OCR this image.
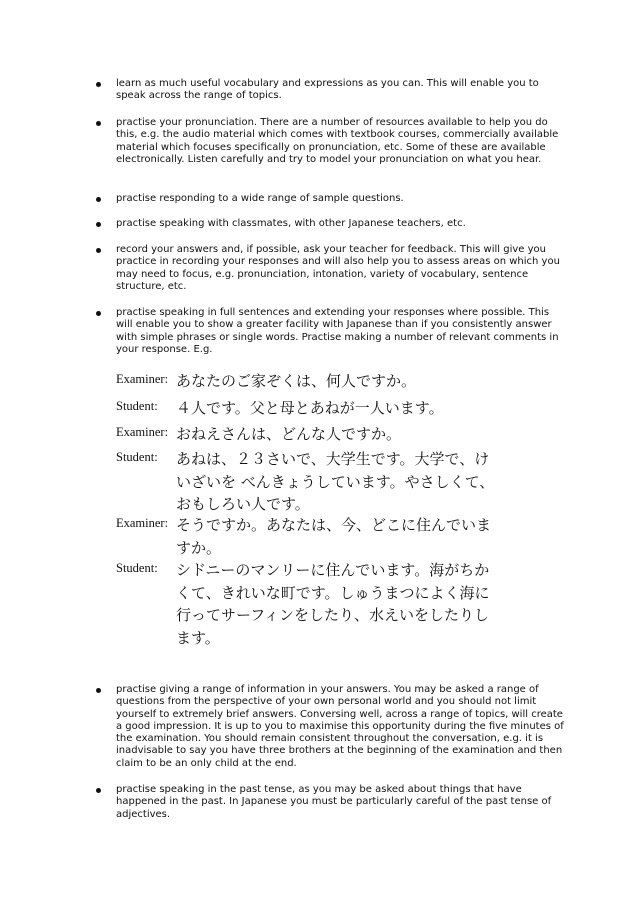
learn as much useful vocabulary and expressions as you can. This will enable you to speak across the range of topics.
practise your pronunciation. There are a number of resources available to help you do this, e.g. the audio material which comes with textbook courses, commercially available material which focuses specifically on pronunciation, etc. Some of these are available electronically. Listen carefully and try to model your pronunciation on what you hear.
practise responding to a wide range of sample questions.
practise speaking with classmates, with other Japanese teachers, etc.
record your answers and, if possible, ask your teacher for feedback. This will give you practice in recording your responses and will also help you to assess areas on which you may need to focus, e.g. pronunciation, intonation, variety of vocabulary, sentence structure, etc.
practise speaking in full sentences and extending your responses where possible. This will enable you to show a greater facility with Japanese than if you consistently answer with simple phrases or single words. Practise making a number of relevant comments in your response. E.g.
Examiner: あなたのご家ぞくは、何人ですか。
Student: ４人です。父と母とあねが一人います。
Examiner: おねえさんは、どんな人ですか。
Student: あねは、２３さいで、大学生です。大学で、けいざいを べんきょうしています。やさしくて、おもしろい人です。
Examiner: そうですか。あなたは、今、どこに住んでいますか。
Student: シドニーのマンリーに住んでいます。海がちかくて、きれいな町です。しゅうまつによく海に行ってサーフィンをしたり、水えいをしたりします。
practise giving a range of information in your answers. You may be asked a range of questions from the perspective of your own personal world and you should not limit yourself to extremely brief answers. Conversing well, across a range of topics, will create a good impression. It is up to you to maximise this opportunity during the five minutes of the examination. You should remain consistent throughout the conversation, e.g. it is inadvisable to say you have three brothers at the beginning of the examination and then claim to be an only child at the end.
practise speaking in the past tense, as you may be asked about things that have happened in the past. In Japanese you must be particularly careful of the past tense of adjectives.
